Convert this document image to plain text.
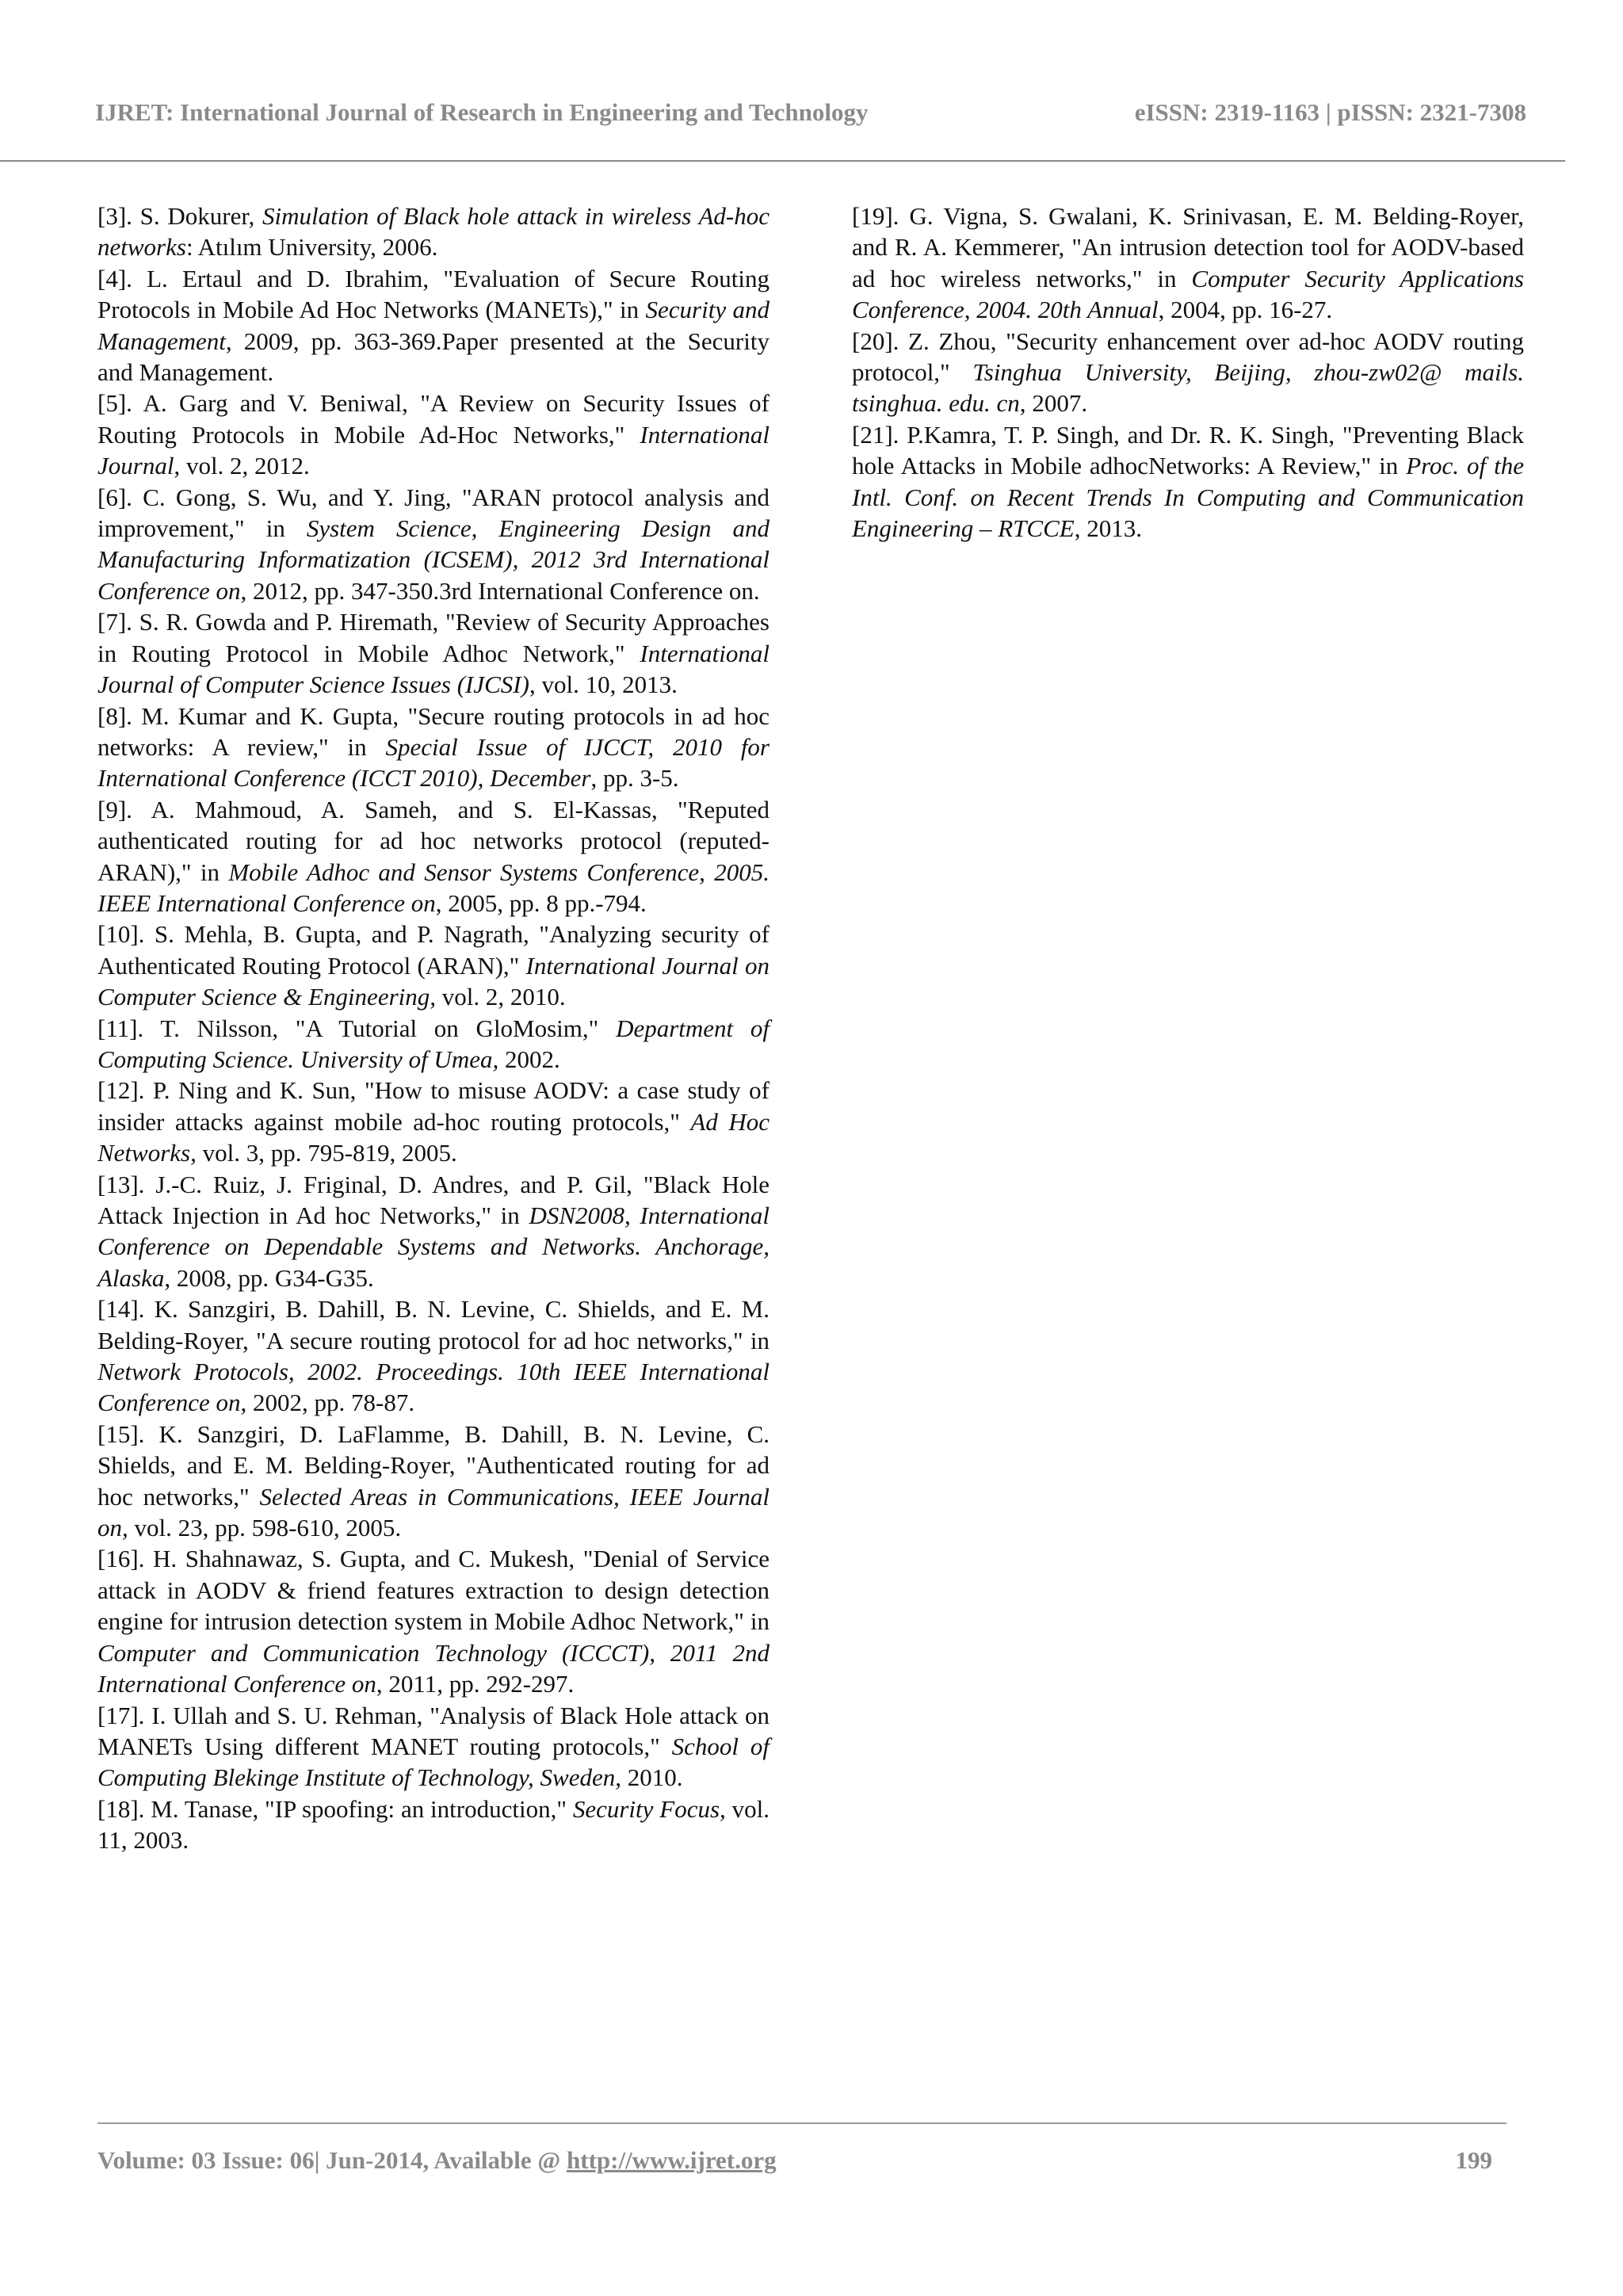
IJRET: International Journal of Research in Engineering and Technology	eISSN: 2319-1163 | pISSN: 2321-7308

[3]. S. Dokurer, Simulation of Black hole attack in wireless Ad-hoc networks: Atılım University, 2006.

[4]. L. Ertaul and D. Ibrahim, "Evaluation of Secure Routing Protocols in Mobile Ad Hoc Networks (MANETs)," in Security and Management, 2009, pp. 363-369.Paper presented at the Security and Management.

[5]. A. Garg and V. Beniwal, "A Review on Security Issues of Routing Protocols in Mobile Ad-Hoc Networks," International Journal, vol. 2, 2012.

[6]. C. Gong, S. Wu, and Y. Jing, "ARAN protocol analysis and improvement," in System Science, Engineering Design and Manufacturing Informatization (ICSEM), 2012 3rd International Conference on, 2012, pp. 347-350.3rd International Conference on.

[7]. S. R. Gowda and P. Hiremath, "Review of Security Approaches in Routing Protocol in Mobile Adhoc Network," International Journal of Computer Science Issues (IJCSI), vol. 10, 2013.

[8]. M. Kumar and K. Gupta, "Secure routing protocols in ad hoc networks: A review," in Special Issue of IJCCT, 2010 for International Conference (ICCT 2010), December, pp. 3-5.

[9]. A. Mahmoud, A. Sameh, and S. El-Kassas, "Reputed authenticated routing for ad hoc networks protocol (reputed-ARAN)," in Mobile Adhoc and Sensor Systems Conference, 2005. IEEE International Conference on, 2005, pp. 8 pp.-794.

[10]. S. Mehla, B. Gupta, and P. Nagrath, "Analyzing security of Authenticated Routing Protocol (ARAN)," International Journal on Computer Science & Engineering, vol. 2, 2010.

[11]. T. Nilsson, "A Tutorial on GloMosim," Department of Computing Science. University of Umea, 2002.

[12]. P. Ning and K. Sun, "How to misuse AODV: a case study of insider attacks against mobile ad-hoc routing protocols," Ad Hoc Networks, vol. 3, pp. 795-819, 2005.

[13]. J.-C. Ruiz, J. Friginal, D. Andres, and P. Gil, "Black Hole Attack Injection in Ad hoc Networks," in DSN2008, International Conference on Dependable Systems and Networks. Anchorage, Alaska, 2008, pp. G34-G35.

[14]. K. Sanzgiri, B. Dahill, B. N. Levine, C. Shields, and E. M. Belding-Royer, "A secure routing protocol for ad hoc networks," in Network Protocols, 2002. Proceedings. 10th IEEE International Conference on, 2002, pp. 78-87.

[15]. K. Sanzgiri, D. LaFlamme, B. Dahill, B. N. Levine, C. Shields, and E. M. Belding-Royer, "Authenticated routing for ad hoc networks," Selected Areas in Communications, IEEE Journal on, vol. 23, pp. 598-610, 2005.

[16]. H. Shahnawaz, S. Gupta, and C. Mukesh, "Denial of Service attack in AODV & friend features extraction to design detection engine for intrusion detection system in Mobile Adhoc Network," in Computer and Communication Technology (ICCCT), 2011 2nd International Conference on, 2011, pp. 292-297.

[17]. I. Ullah and S. U. Rehman, "Analysis of Black Hole attack on MANETs Using different MANET routing protocols," School of Computing Blekinge Institute of Technology, Sweden, 2010.

[18]. M. Tanase, "IP spoofing: an introduction," Security Focus, vol. 11, 2003.

[19]. G. Vigna, S. Gwalani, K. Srinivasan, E. M. Belding-Royer, and R. A. Kemmerer, "An intrusion detection tool for AODV-based ad hoc wireless networks," in Computer Security Applications Conference, 2004. 20th Annual, 2004, pp. 16-27.

[20]. Z. Zhou, "Security enhancement over ad-hoc AODV routing protocol," Tsinghua University, Beijing, zhou-zw02@ mails. tsinghua. edu. cn, 2007.

[21]. P.Kamra, T. P. Singh, and Dr. R. K. Singh, "Preventing Black hole Attacks in Mobile adhocNetworks: A Review," in Proc. of the Intl. Conf. on Recent Trends In Computing and Communication Engineering – RTCCE, 2013.

Volume: 03 Issue: 06| Jun-2014, Available @ http://www.ijret.org	199
